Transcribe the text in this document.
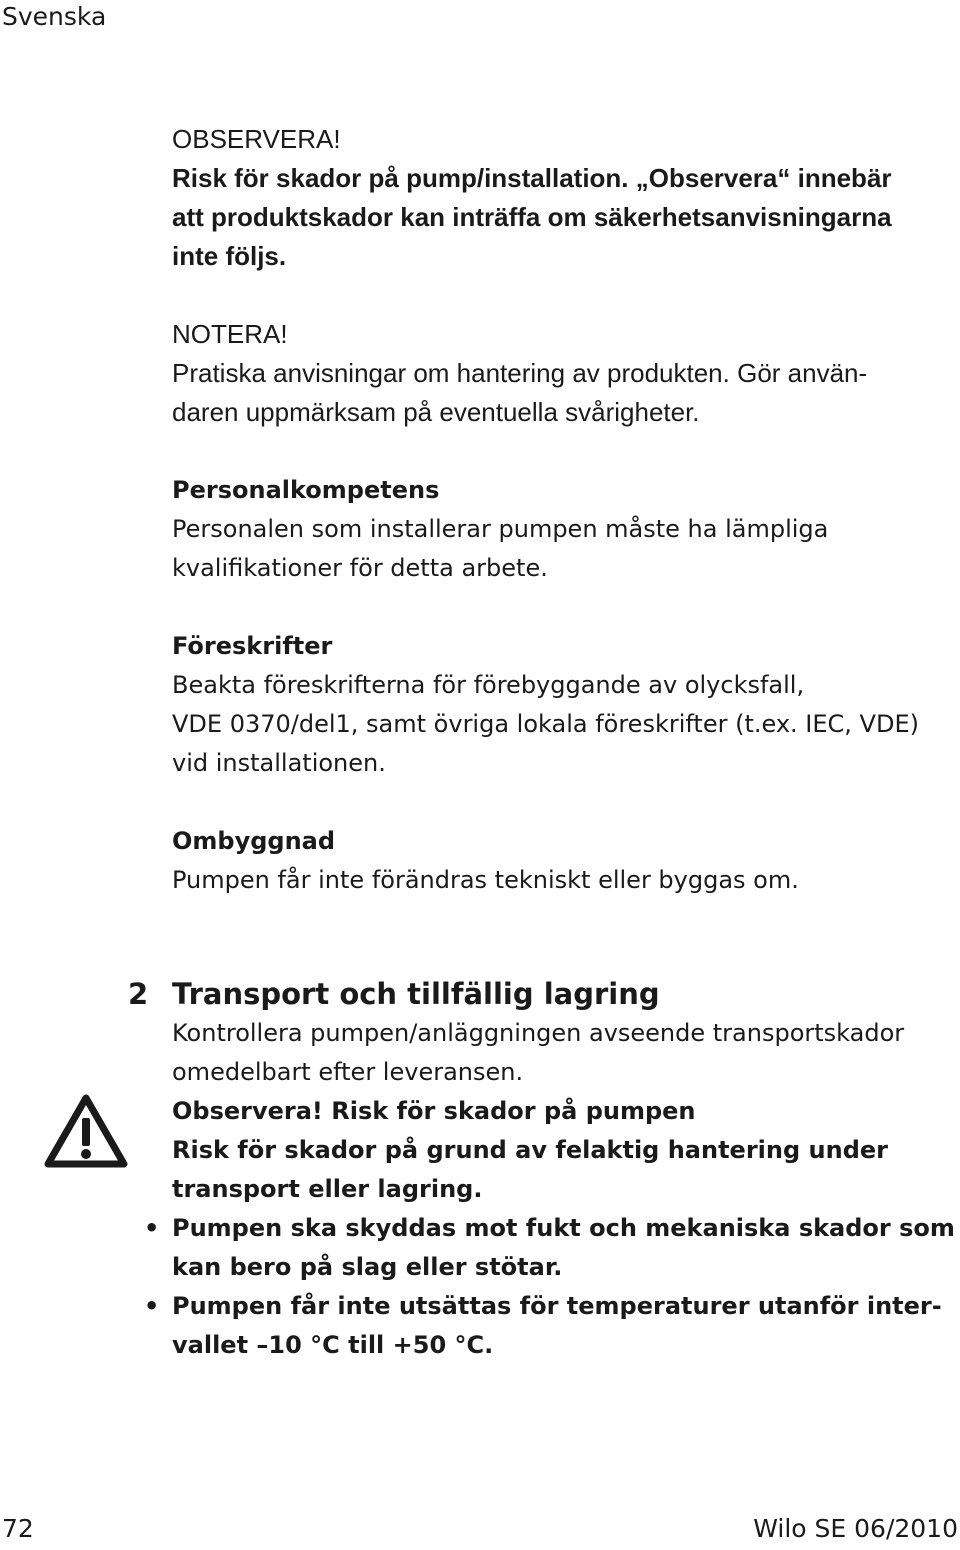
Svenska

OBSERVERA!

Risk för skador på pump/installation. „Observera“ innebär

att produktskador kan inträffa om säkerhetsanvisningarna

inte följs.

NOTERA!

Pratiska anvisningar om hantering av produkten. Gör använ-

daren uppmärksam på eventuella svårigheter.

Personalkompetens

Personalen som installerar pumpen måste ha lämpliga

kvalifikationer för detta arbete.

Föreskrifter

Beakta föreskrifterna för förebyggande av olycksfall,

VDE 0370/del1, samt övriga lokala föreskrifter (t.ex. IEC, VDE)

vid installationen.

Ombyggnad

Pumpen får inte förändras tekniskt eller byggas om.

2 Transport och tillfällig lagring

Kontrollera pumpen/anläggningen avseende transportskador

omedelbart efter leveransen.

Observera! Risk för skador på pumpen

Risk för skador på grund av felaktig hantering under

transport eller lagring.

• Pumpen ska skyddas mot fukt och mekaniska skador som

kan bero på slag eller stötar.

• Pumpen får inte utsättas för temperaturer utanför inter-

vallet –10 °C till +50 °C.

72	Wilo SE 06/2010
